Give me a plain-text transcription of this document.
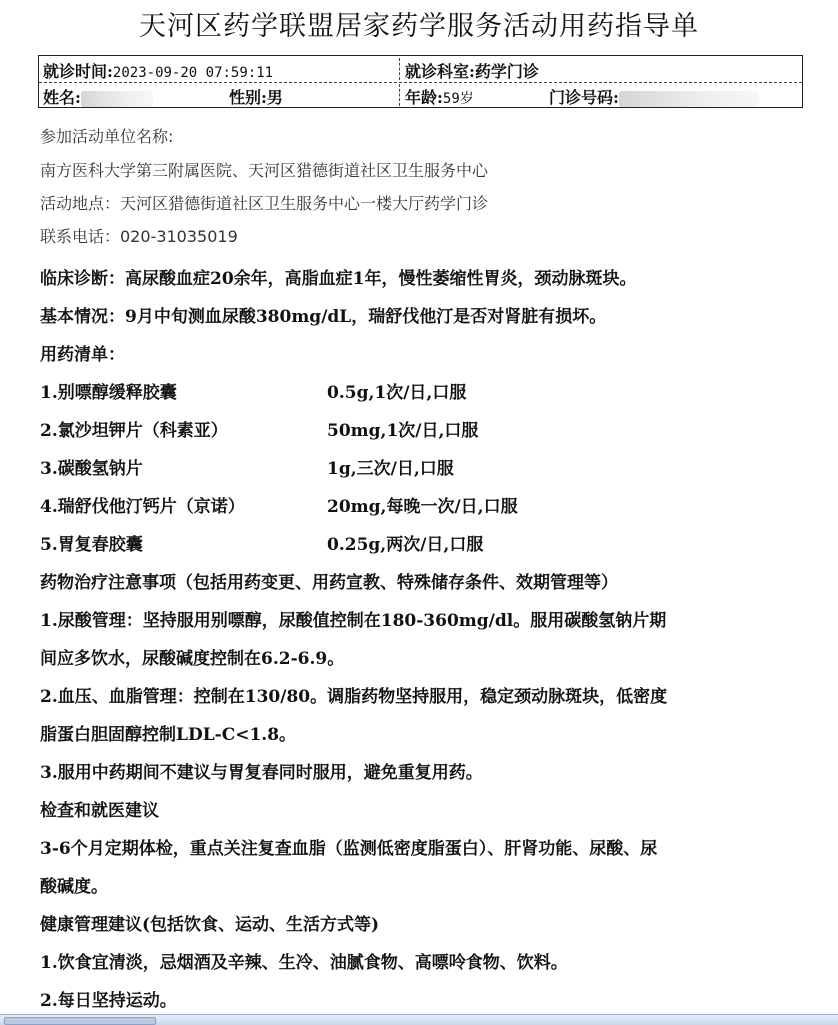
天河区药学联盟居家药学服务活动用药指导单
就诊时间:2023-09-20 07:59:11	就诊科室:药学门诊
姓名:	性别:男	年龄:59岁	门诊号码:
参加活动单位名称:
南方医科大学第三附属医院、天河区猎德街道社区卫生服务中心
活动地点：天河区猎德街道社区卫生服务中心一楼大厅药学门诊
联系电话：020-31035019
临床诊断：高尿酸血症20余年，高脂血症1年，慢性萎缩性胃炎，颈动脉斑块。
基本情况：9月中旬测血尿酸380mg/dL，瑞舒伐他汀是否对肾脏有损坏。
用药清单：
1.别嘌醇缓释胶囊	0.5g,1次/日,口服
2.氯沙坦钾片（科素亚）	50mg,1次/日,口服
3.碳酸氢钠片	1g,三次/日,口服
4.瑞舒伐他汀钙片（京诺）	20mg,每晚一次/日,口服
5.胃复春胶囊	0.25g,两次/日,口服
药物治疗注意事项（包括用药变更、用药宣教、特殊储存条件、效期管理等）
1.尿酸管理：坚持服用别嘌醇，尿酸值控制在180-360mg/dl。服用碳酸氢钠片期
间应多饮水，尿酸碱度控制在6.2-6.9。
2.血压、血脂管理：控制在130/80。调脂药物坚持服用，稳定颈动脉斑块，低密度
脂蛋白胆固醇控制LDL-C<1.8。
3.服用中药期间不建议与胃复春同时服用，避免重复用药。
检查和就医建议
3-6个月定期体检，重点关注复查血脂（监测低密度脂蛋白）、肝肾功能、尿酸、尿
酸碱度。
健康管理建议(包括饮食、运动、生活方式等)
1.饮食宜清淡，忌烟酒及辛辣、生冷、油腻食物、高嘌呤食物、饮料。
2.每日坚持运动。
